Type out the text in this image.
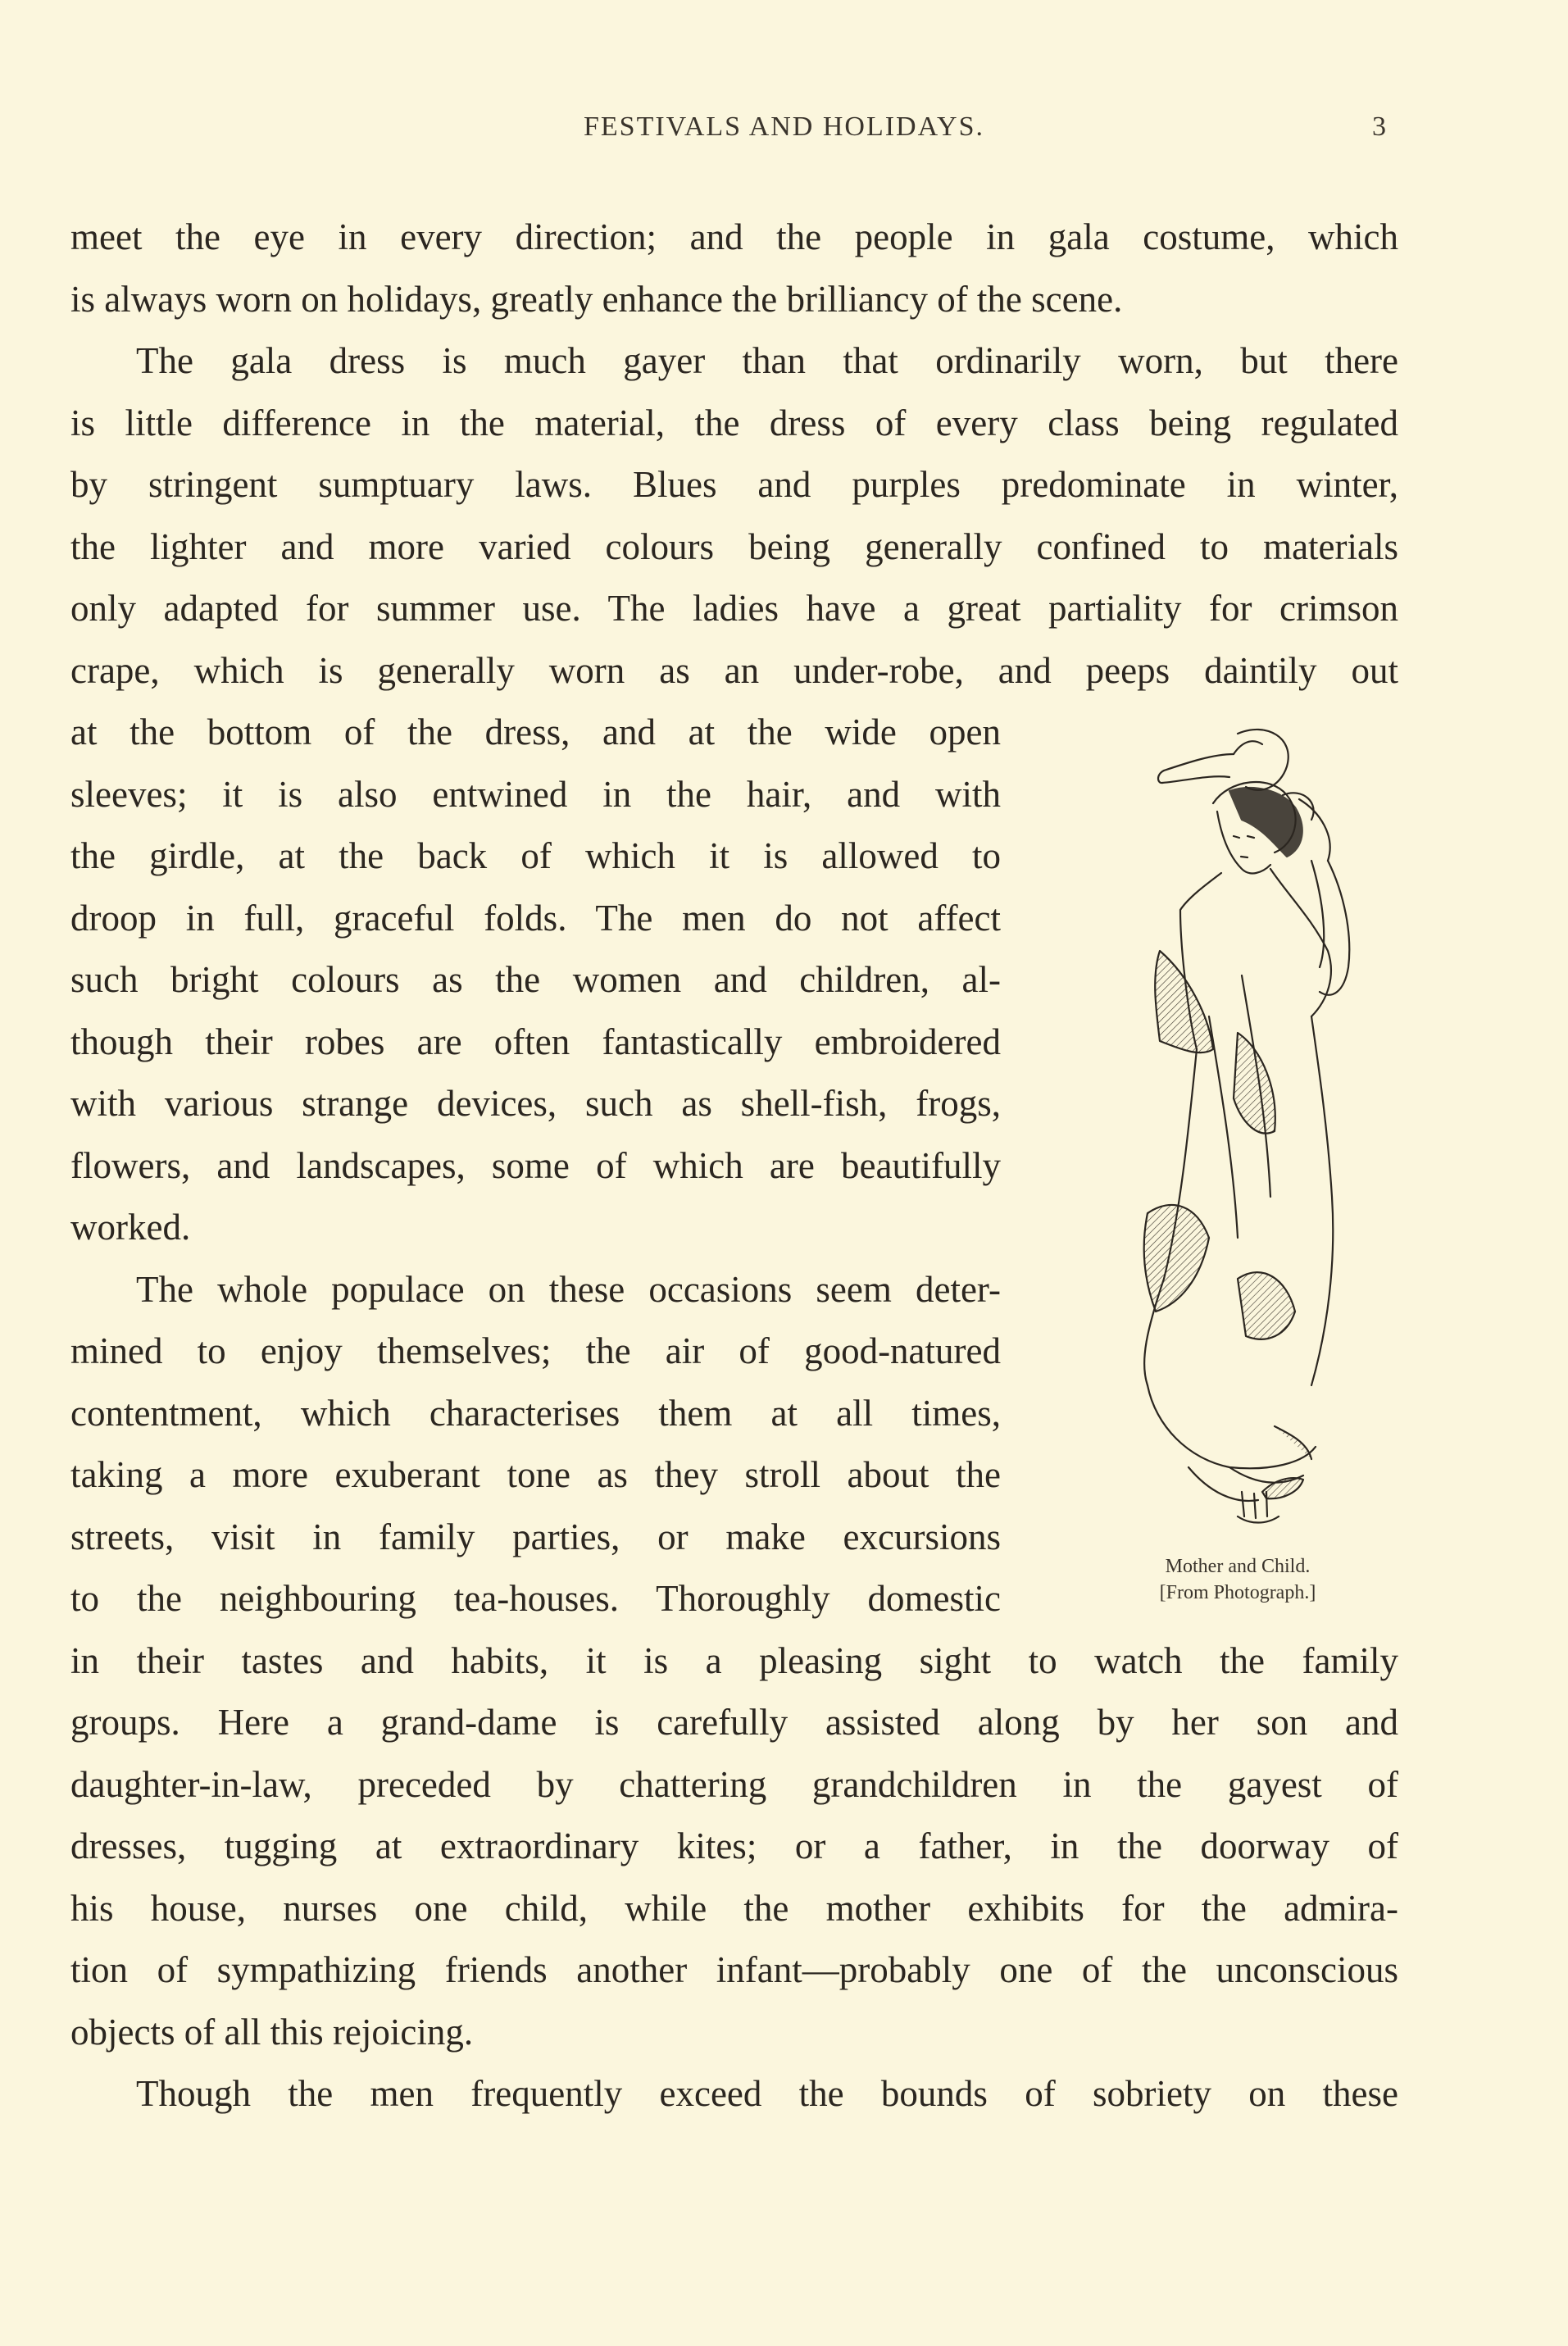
FESTIVALS AND HOLIDAYS.	3
meet the eye in every direction; and the people in gala costume, which
is always worn on holidays, greatly enhance the brilliancy of the scene.
The gala dress is much gayer than that ordinarily worn, but there
is little difference in the material, the dress of every class being regulated
by stringent sumptuary laws. Blues and purples predominate in winter,
the lighter and more varied colours being generally confined to materials
only adapted for summer use. The ladies have a great partiality for crimson
crape, which is generally worn as an under-robe, and peeps daintily out
at the bottom of the dress, and at the wide open
sleeves; it is also entwined in the hair, and with
the girdle, at the back of which it is allowed to
droop in full, graceful folds. The men do not affect
such bright colours as the women and children, al-
though their robes are often fantastically embroidered
with various strange devices, such as shell-fish, frogs,
flowers, and landscapes, some of which are beautifully
worked.
The whole populace on these occasions seem deter-
mined to enjoy themselves; the air of good-natured
contentment, which characterises them at all times,
taking a more exuberant tone as they stroll about the
streets, visit in family parties, or make excursions
to the neighbouring tea-houses. Thoroughly domestic
in their tastes and habits, it is a pleasing sight to watch the family
groups. Here a grand-dame is carefully assisted along by her son and
daughter-in-law, preceded by chattering grandchildren in the gayest of
dresses, tugging at extraordinary kites; or a father, in the doorway of
his house, nurses one child, while the mother exhibits for the admira-
tion of sympathizing friends another infant—probably one of the unconscious
objects of all this rejoicing.
Though the men frequently exceed the bounds of sobriety on these
Mother and Child.
[From Photograph.]
